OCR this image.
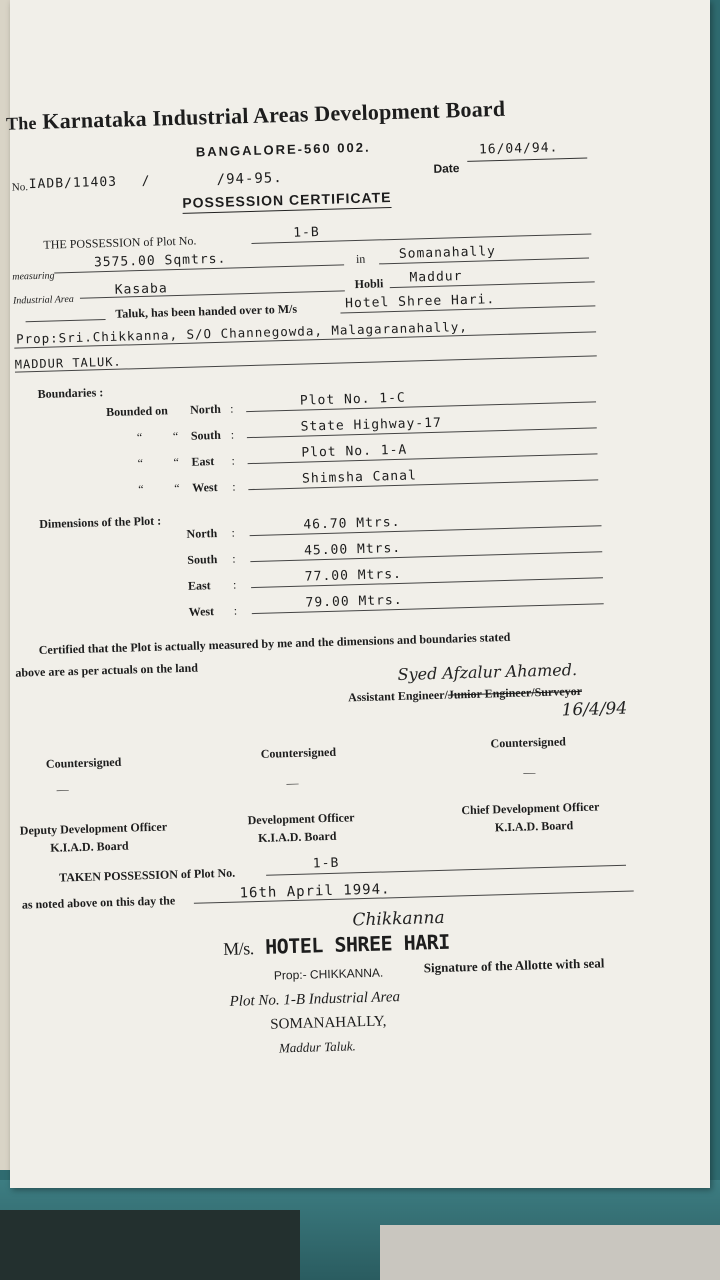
The Karnataka Industrial Areas Development Board
BANGALORE-560 002.
No. IADB/11403 /	/94-95.
Date
16/04/94.
POSSESSION CERTIFICATE
THE POSSESSION of Plot No.
1-B
measuring
3575.00 Sqmtrs.	in	Somanahally
Industrial Area
Kasaba	Hobli Maddur
Taluk, has been handed over to M/s	Hotel Shree Hari.
Prop:Sri.Chikkanna, S/O Channegowda, Malagaranahally,
MADDUR TALUK.
Boundaries :
Bounded on North :	Plot No. 1-C
“	“ South :	State Highway-17
“	“ East :	Plot No. 1-A
“	“ West :	Shimsha Canal
Dimensions of the Plot :
North :	46.70 Mtrs.
South :	45.00 Mtrs.
East :	77.00 Mtrs.
West :	79.00 Mtrs.
Certified that the Plot is actually measured by me and the dimensions and boundaries stated
above are as per actuals on the land	Syed Afzalur Ahamed.
Assistant Engineer/Junior Engineer/Surveyor
16/4/94
Countersigned
Countersigned
Countersigned
—	—
—
Deputy Development Officer
K.I.A.D. Board
Development Officer
K.I.A.D. Board
Chief Development Officer
K.I.A.D. Board
TAKEN POSSESSION of Plot No.
1-B
as noted above on this day the
16th April 1994.
Chikkanna
M/s. HOTEL SHREE HARI
Prop:- CHIKKANNA.	Signature of the Allotte with seal
Plot No. 1-B Industrial Area
SOMANAHALLY,
Maddur Taluk.
